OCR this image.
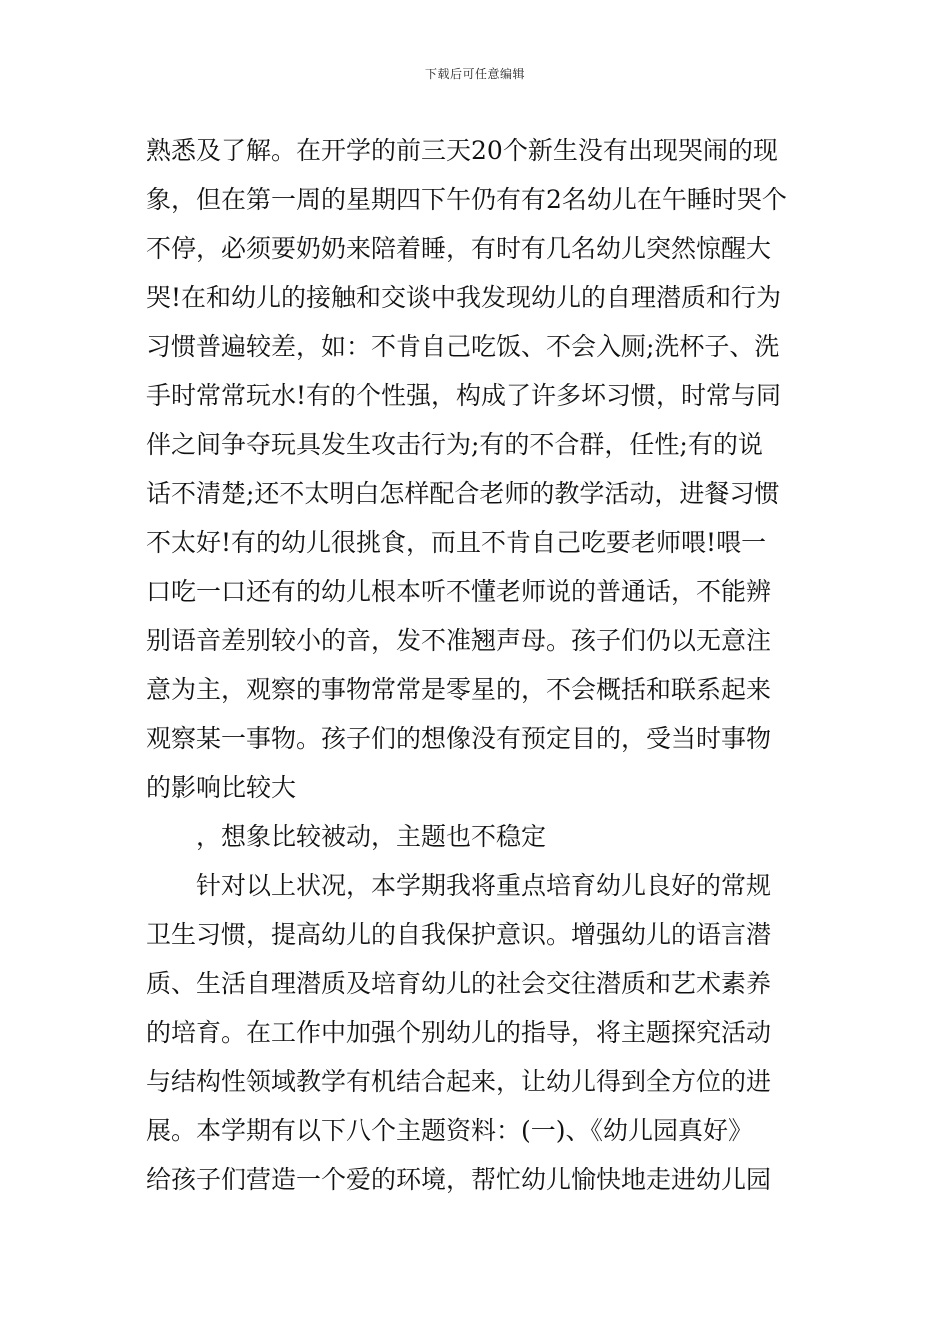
下载后可任意编辑
熟悉及了解。在开学的前三天20个新生没有出现哭闹的现
象，但在第一周的星期四下午仍有有2名幼儿在午睡时哭个
不停，必须要奶奶来陪着睡，有时有几名幼儿突然惊醒大
哭!在和幼儿的接触和交谈中我发现幼儿的自理潜质和行为
习惯普遍较差，如：不肯自己吃饭、不会入厕;洗杯子、洗
手时常常玩水!有的个性强，构成了许多坏习惯，时常与同
伴之间争夺玩具发生攻击行为;有的不合群，任性;有的说
话不清楚;还不太明白怎样配合老师的教学活动，进餐习惯
不太好!有的幼儿很挑食，而且不肯自己吃要老师喂!喂一
口吃一口还有的幼儿根本听不懂老师说的普通话，不能辨
别语音差别较小的音，发不准翘声母。孩子们仍以无意注
意为主，观察的事物常常是零星的，不会概括和联系起来
观察某一事物。孩子们的想像没有预定目的，受当时事物
的影响比较大
，想象比较被动，主题也不稳定
针对以上状况，本学期我将重点培育幼儿良好的常规
卫生习惯，提高幼儿的自我保护意识。增强幼儿的语言潜
质、生活自理潜质及培育幼儿的社会交往潜质和艺术素养
的培育。在工作中加强个别幼儿的指导，将主题探究活动
与结构性领域教学有机结合起来，让幼儿得到全方位的进
展。本学期有以下八个主题资料：(一)、《幼儿园真好》
给孩子们营造一个爱的环境，帮忙幼儿愉快地走进幼儿园
